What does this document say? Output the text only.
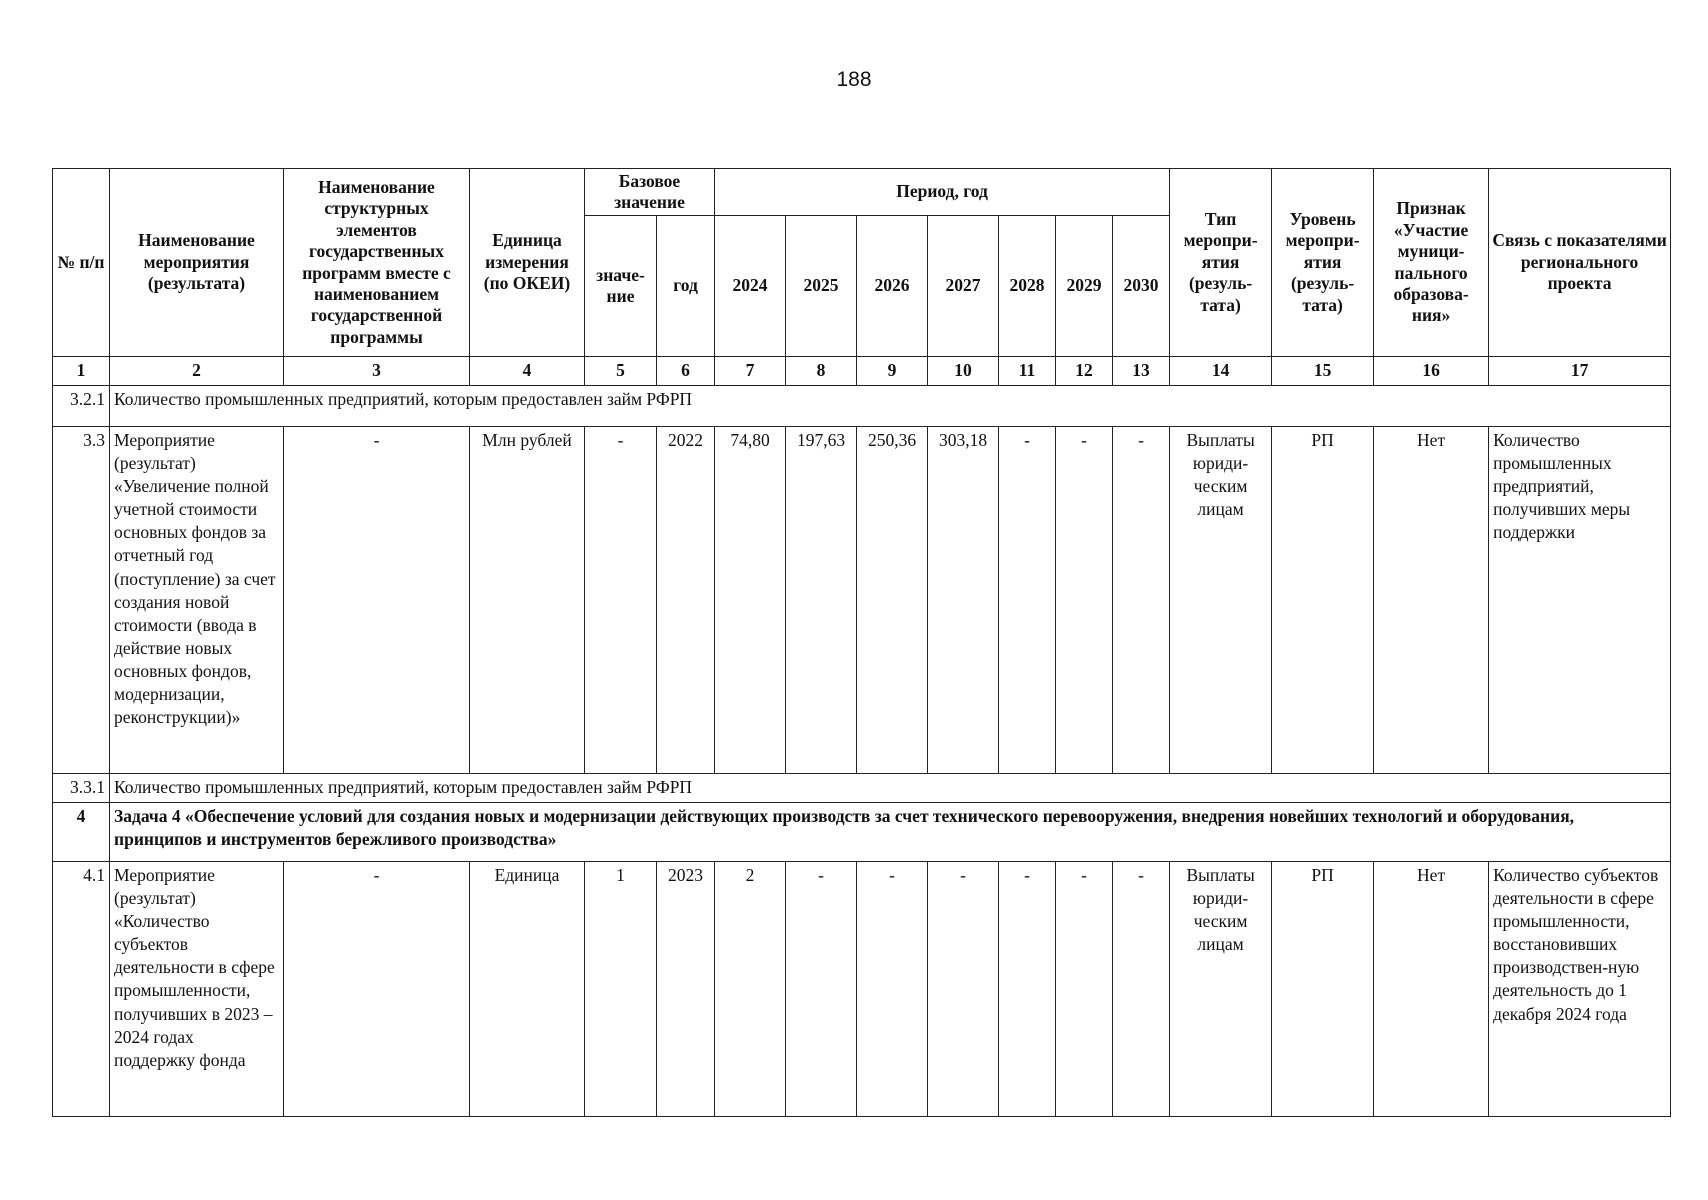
188
№ п/п	Наименование мероприятия (результата)	Наименование структурных элементов государственных программ вместе с наименованием государственной программы	Единица измерения (по ОКЕИ)	Базовое значение		Период, год							Тип меропри-ятия (резуль-тата)	Уровень меропри-ятия (резуль-тата)	Признак «Участие муници-пального образова-ния»	Связь с показателями регионального проекта
				значе-ние	год	2024	2025	2026	2027	2028	2029	2030				
1	2	3	4	5	6	7	8	9	10	11	12	13	14	15	16	17
3.2.1	Количество промышленных предприятий, которым предоставлен займ РФРП															
3.3	Мероприятие (результат) «Увеличение полной учетной стоимости основных фондов за отчетный год (поступление) за счет создания новой стоимости (ввода в действие новых основных фондов, модернизации, реконструкции)»	-	Млн рублей	-	2022	74,80	197,63	250,36	303,18	-	-	-	Выплаты юриди-ческим лицам	РП	Нет	Количество промышленных предприятий, получивших меры поддержки
3.3.1	Количество промышленных предприятий, которым предоставлен займ РФРП															
4	Задача 4 «Обеспечение условий для создания новых и модернизации действующих производств за счет технического перевооружения, внедрения новейших технологий и оборудования, принципов и инструментов бережливого производства»															
4.1	Мероприятие (результат) «Количество субъектов деятельности в сфере промышленности, получивших в 2023 – 2024 годах поддержку фонда	-	Единица	1	2023	2	-	-	-	-	-	-	Выплаты юриди-ческим лицам	РП	Нет	Количество субъектов деятельности в сфере промышленности, восстановивших производствен-ную деятельность до 1 декабря 2024 года
